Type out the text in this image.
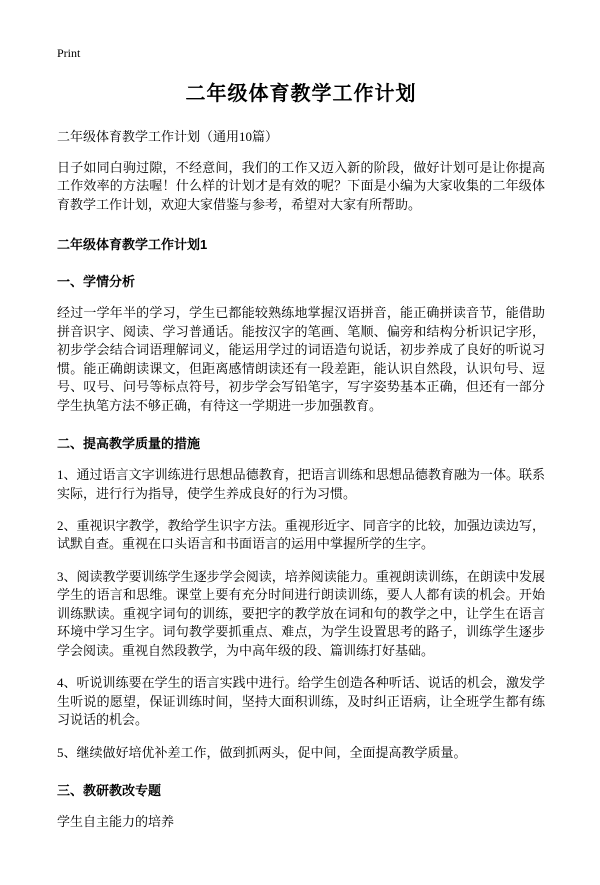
Print
二年级体育教学工作计划
二年级体育教学工作计划（通用10篇）

日子如同白驹过隙，不经意间，我们的工作又迈入新的阶段，做好计划可是让你提高工作效率的方法喔！什么样的计划才是有效的呢？下面是小编为大家收集的二年级体育教学工作计划，欢迎大家借鉴与参考，希望对大家有所帮助。

二年级体育教学工作计划1
一、学情分析

经过一学年半的学习，学生已都能较熟练地掌握汉语拼音，能正确拼读音节，能借助拼音识字、阅读、学习普通话。能按汉字的笔画、笔顺、偏旁和结构分析识记字形，初步学会结合词语理解词义，能运用学过的词语造句说话，初步养成了良好的听说习惯。能正确朗读课文，但距离感情朗读还有一段差距，能认识自然段，认识句号、逗号、叹号、问号等标点符号，初步学会写铅笔字，写字姿势基本正确，但还有一部分学生执笔方法不够正确，有待这一学期进一步加强教育。

二、提高教学质量的措施

1、通过语言文字训练进行思想品德教育，把语言训练和思想品德教育融为一体。联系实际，进行行为指导，使学生养成良好的行为习惯。

2、重视识字教学，教给学生识字方法。重视形近字、同音字的比较，加强边读边写，试默自查。重视在口头语言和书面语言的运用中掌握所学的生字。

3、阅读教学要训练学生逐步学会阅读，培养阅读能力。重视朗读训练，在朗读中发展学生的语言和思维。课堂上要有充分时间进行朗读训练，要人人都有读的机会。开始训练默读。重视字词句的训练，要把字的教学放在词和句的教学之中，让学生在语言环境中学习生字。词句教学要抓重点、难点，为学生设置思考的路子，训练学生逐步学会阅读。重视自然段教学，为中高年级的段、篇训练打好基础。

4、听说训练要在学生的语言实践中进行。给学生创造各种听话、说话的机会，激发学生听说的愿望，保证训练时间，坚持大面积训练，及时纠正语病，让全班学生都有练习说话的机会。

5、继续做好培优补差工作，做到抓两头，促中间，全面提高教学质量。

三、教研教改专题

学生自主能力的培养
